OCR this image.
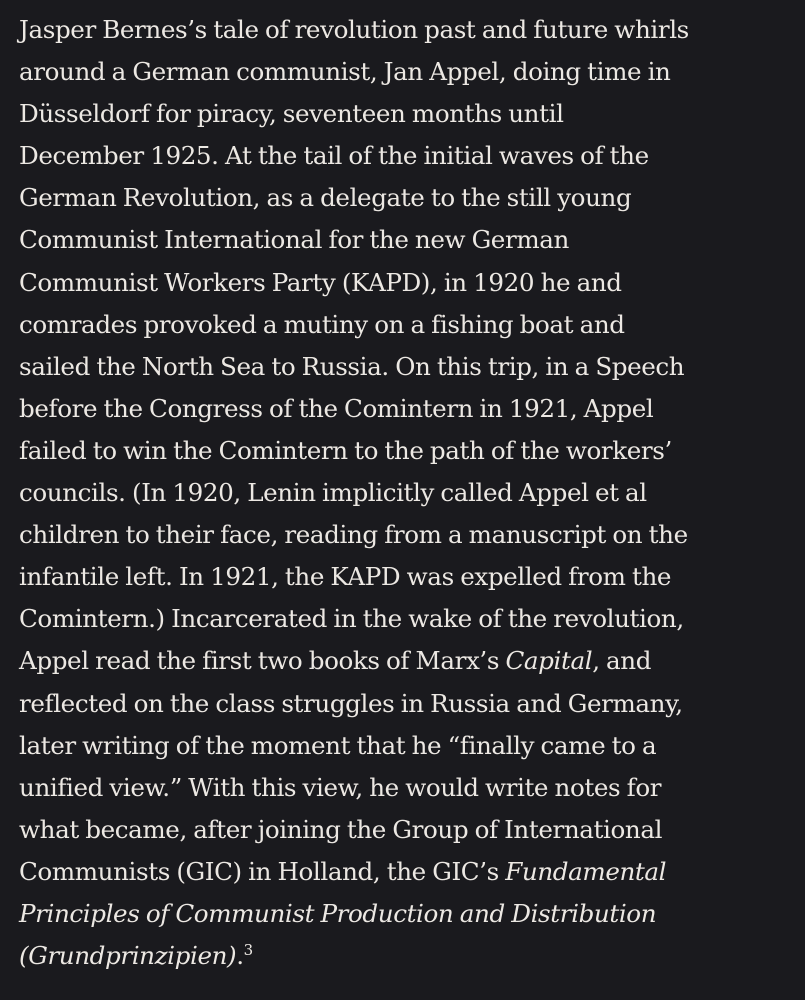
Jasper Bernes’s tale of revolution past and future whirls
around a German communist, Jan Appel, doing time in
Düsseldorf for piracy, seventeen months until
December 1925. At the tail of the initial waves of the
German Revolution, as a delegate to the still young
Communist International for the new German
Communist Workers Party (KAPD), in 1920 he and
comrades provoked a mutiny on a fishing boat and
sailed the North Sea to Russia. On this trip, in a Speech
before the Congress of the Comintern in 1921, Appel
failed to win the Comintern to the path of the workers’
councils. (In 1920, Lenin implicitly called Appel et al
children to their face, reading from a manuscript on the
infantile left. In 1921, the KAPD was expelled from the
Comintern.) Incarcerated in the wake of the revolution,
Appel read the first two books of Marx’s Capital, and
reflected on the class struggles in Russia and Germany,
later writing of the moment that he “finally came to a
unified view.” With this view, he would write notes for
what became, after joining the Group of International
Communists (GIC) in Holland, the GIC’s Fundamental
Principles of Communist Production and Distribution
(Grundprinzipien).$^3$
